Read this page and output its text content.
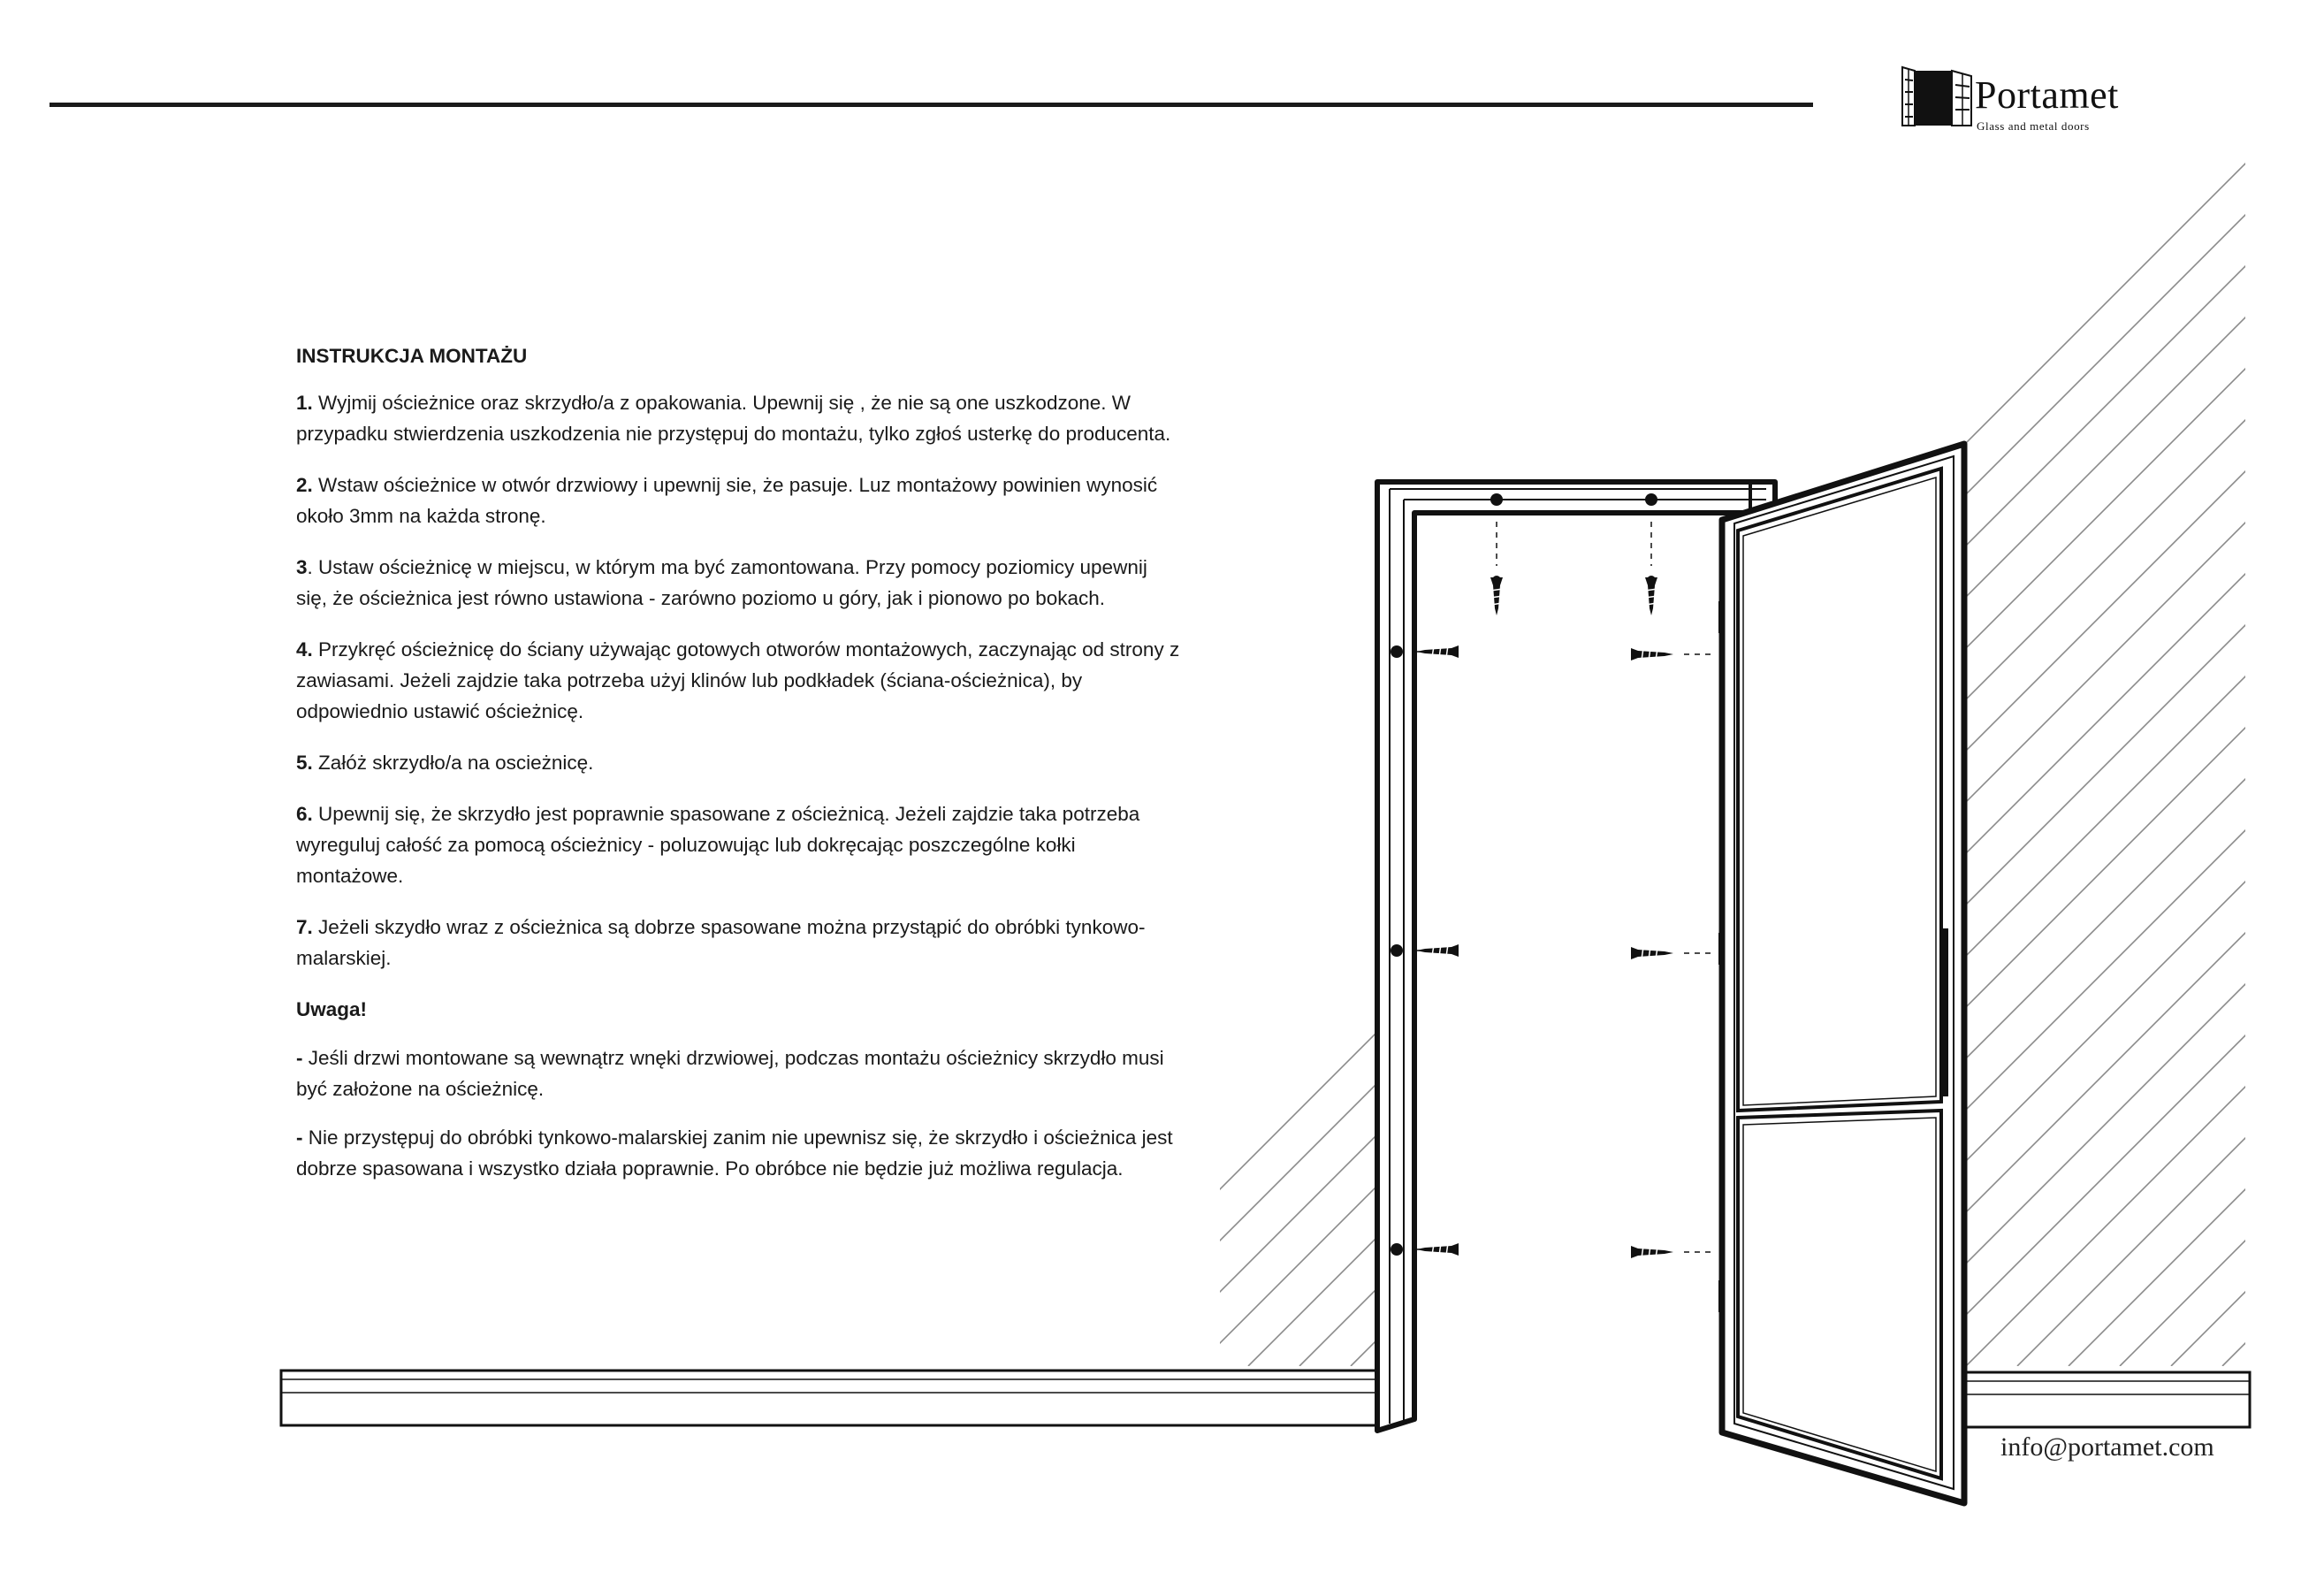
Portamet
Glass and metal doors
INSTRUKCJA MONTAŻU
1. Wyjmij ościeżnice oraz skrzydło/a z opakowania. Upewnij się , że nie są one uszkodzone. W przypadku stwierdzenia uszkodzenia nie przystępuj do montażu, tylko zgłoś usterkę do producenta.
2. Wstaw ościeżnice w otwór drzwiowy i upewnij sie, że pasuje. Luz montażowy powinien wynosić około 3mm na każda stronę.
3. Ustaw ościeżnicę w miejscu, w którym ma być zamontowana. Przy pomocy poziomicy upewnij się, że ościeżnica jest równo ustawiona - zarówno poziomo u góry, jak i pionowo po bokach.
4. Przykręć ościeżnicę do ściany używając gotowych otworów montażowych, zaczynając od strony z zawiasami. Jeżeli zajdzie taka potrzeba użyj klinów lub podkładek (ściana-ościeżnica), by odpowiednio ustawić ościeżnicę.
5. Załóż skrzydło/a na oscieżnicę.
6. Upewnij się, że skrzydło jest poprawnie spasowane z ościeżnicą. Jeżeli zajdzie taka potrzeba wyreguluj całość za pomocą ościeżnicy - poluzowując lub dokręcając poszczególne kołki montażowe.
7. Jeżeli skzydło wraz z ościeżnica są dobrze spasowane można przystąpić do obróbki tynkowo-malarskiej.
Uwaga!
- Jeśli drzwi montowane są wewnątrz wnęki drzwiowej, podczas montażu ościeżnicy skrzydło musi być założone na ościeżnicę.
- Nie przystępuj do obróbki tynkowo-malarskiej zanim nie upewnisz się, że skrzydło i ościeżnica jest dobrze spasowana i wszystko działa poprawnie. Po obróbce nie będzie już możliwa regulacja.
info@portamet.com
